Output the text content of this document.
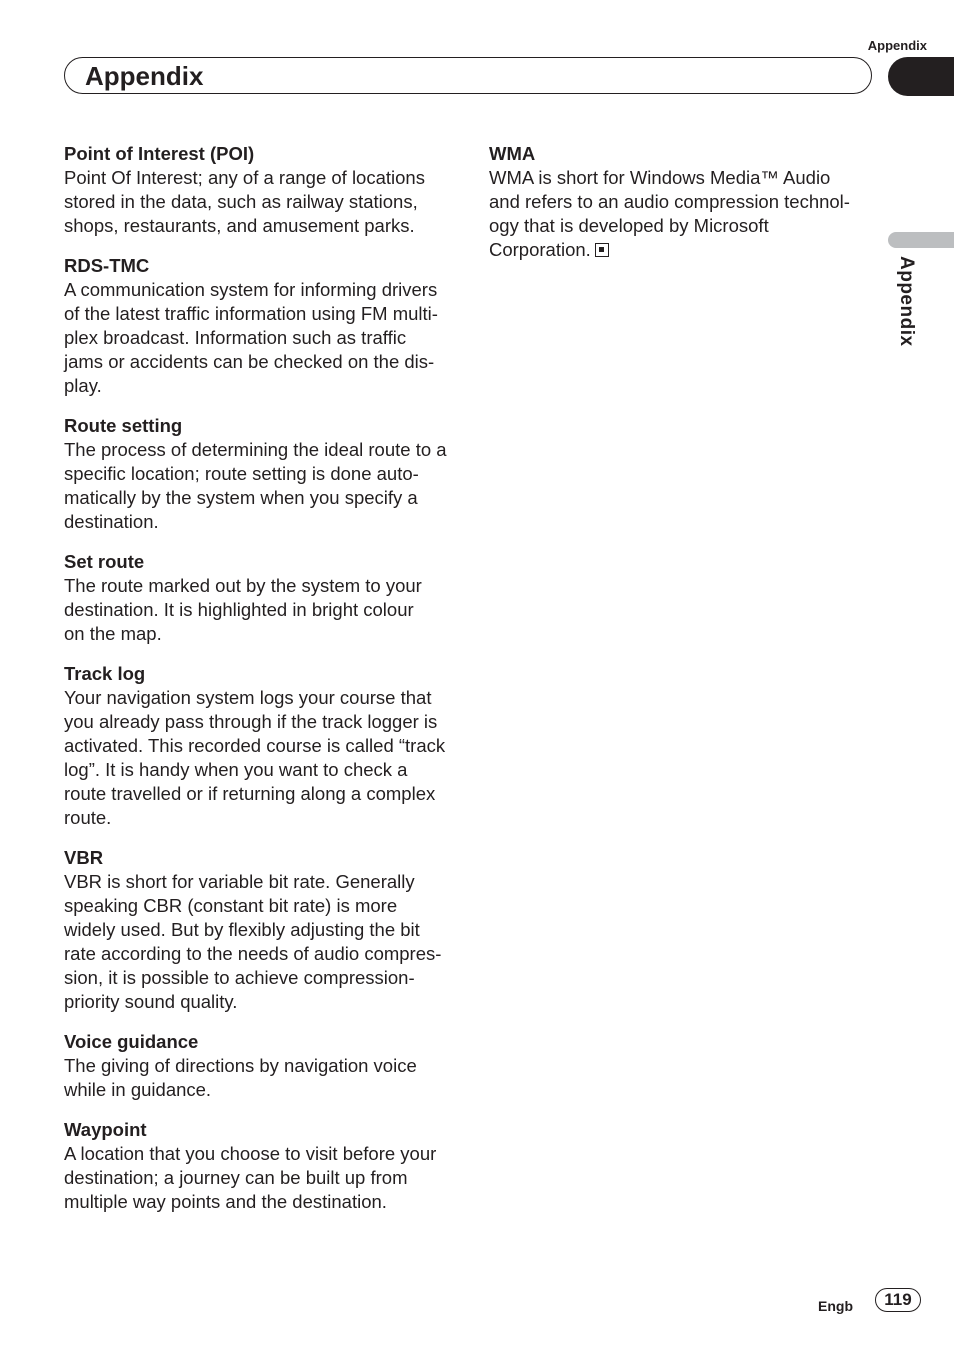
Appendix
Appendix
Appendix

Point of Interest (POI)

Point Of Interest; any of a range of locations
stored in the data, such as railway stations,
shops, restaurants, and amusement parks.

RDS-TMC

A communication system for informing drivers
of the latest traffic information using FM multi-
plex broadcast. Information such as traffic
jams or accidents can be checked on the dis-
play.

Route setting

The process of determining the ideal route to a
specific location; route setting is done auto-
matically by the system when you specify a
destination.

Set route

The route marked out by the system to your
destination. It is highlighted in bright colour
on the map.

Track log

Your navigation system logs your course that
you already pass through if the track logger is
activated. This recorded course is called “track
log”. It is handy when you want to check a
route travelled or if returning along a complex
route.

VBR

VBR is short for variable bit rate. Generally
speaking CBR (constant bit rate) is more
widely used. But by flexibly adjusting the bit
rate according to the needs of audio compres-
sion, it is possible to achieve compression-
priority sound quality.

Voice guidance

The giving of directions by navigation voice
while in guidance.

Waypoint

A location that you choose to visit before your
destination; a journey can be built up from
multiple way points and the destination.

WMA

WMA is short for Windows Media™ Audio
and refers to an audio compression technol-
ogy that is developed by Microsoft
Corporation.

Engb	119
